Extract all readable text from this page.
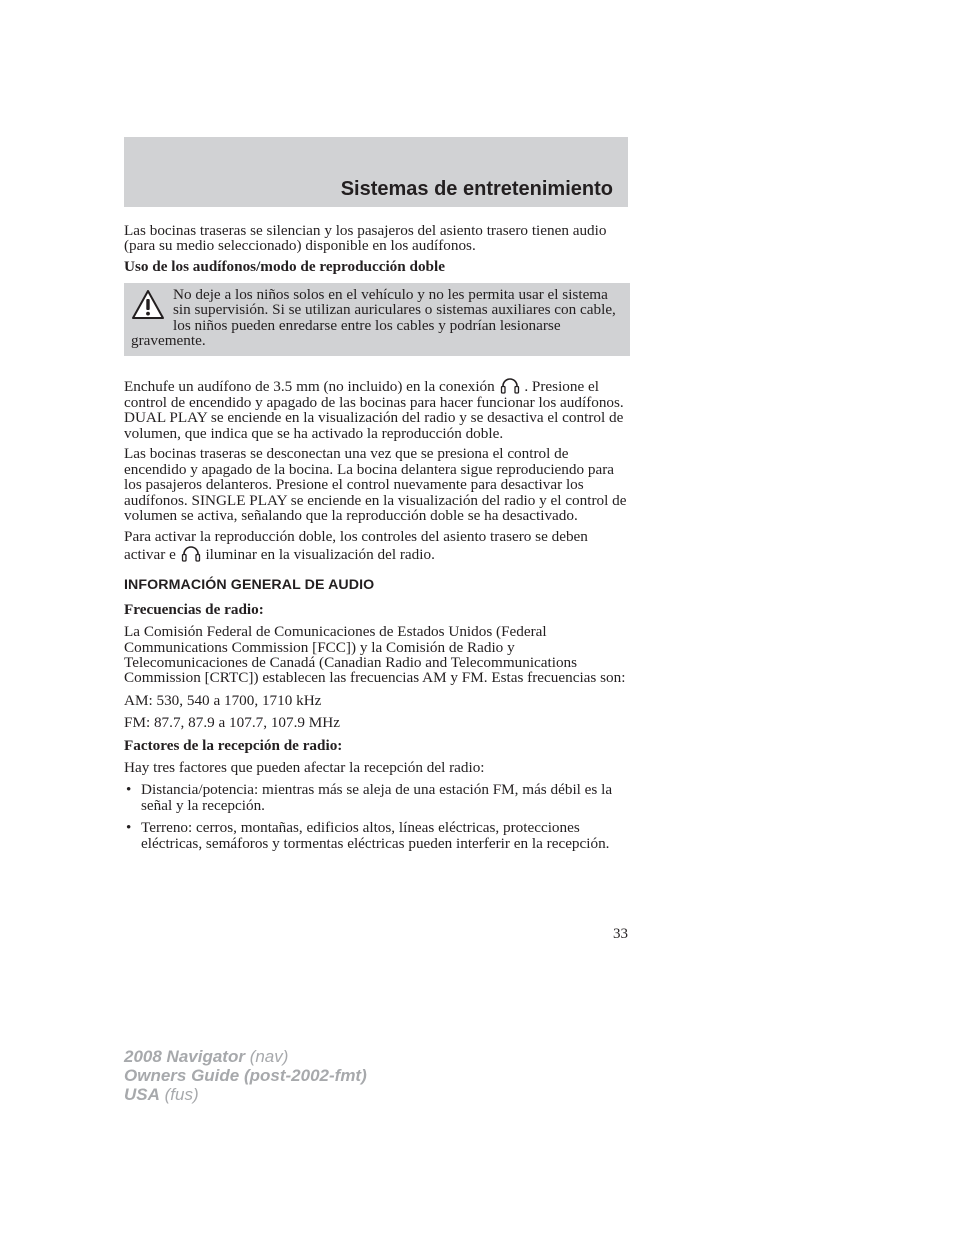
Sistemas de entretenimiento

Las bocinas traseras se silencian y los pasajeros del asiento trasero tienen audio (para su medio seleccionado) disponible en los audífonos.

Uso de los audífonos/modo de reproducción doble

No deje a los niños solos en el vehículo y no les permita usar el sistema sin supervisión. Si se utilizan auriculares o sistemas auxiliares con cable, los niños pueden enredarse entre los cables y podrían lesionarse gravemente.

Enchufe un audífono de 3.5 mm (no incluido) en la conexión . Presione el control de encendido y apagado de las bocinas para hacer funcionar los audífonos. DUAL PLAY se enciende en la visualización del radio y se desactiva el control de volumen, que indica que se ha activado la reproducción doble.

Las bocinas traseras se desconectan una vez que se presiona el control de encendido y apagado de la bocina. La bocina delantera sigue reproduciendo para los pasajeros delanteros. Presione el control nuevamente para desactivar los audífonos. SINGLE PLAY se enciende en la visualización del radio y el control de volumen se activa, señalando que la reproducción doble se ha desactivado.

Para activar la reproducción doble, los controles del asiento trasero se deben activar e iluminar en la visualización del radio.

INFORMACIÓN GENERAL DE AUDIO

Frecuencias de radio:

La Comisión Federal de Comunicaciones de Estados Unidos (Federal Communications Commission [FCC]) y la Comisión de Radio y Telecomunicaciones de Canadá (Canadian Radio and Telecommunications Commission [CRTC]) establecen las frecuencias AM y FM. Estas frecuencias son:

AM: 530, 540 a 1700, 1710 kHz

FM: 87.7, 87.9 a 107.7, 107.9 MHz

Factores de la recepción de radio:

Hay tres factores que pueden afectar la recepción del radio:

• Distancia/potencia: mientras más se aleja de una estación FM, más débil es la señal y la recepción.
• Terreno: cerros, montañas, edificios altos, líneas eléctricas, protecciones eléctricas, semáforos y tormentas eléctricas pueden interferir en la recepción.
33
2008 Navigator (nav)
Owners Guide (post-2002-fmt)
USA (fus)
